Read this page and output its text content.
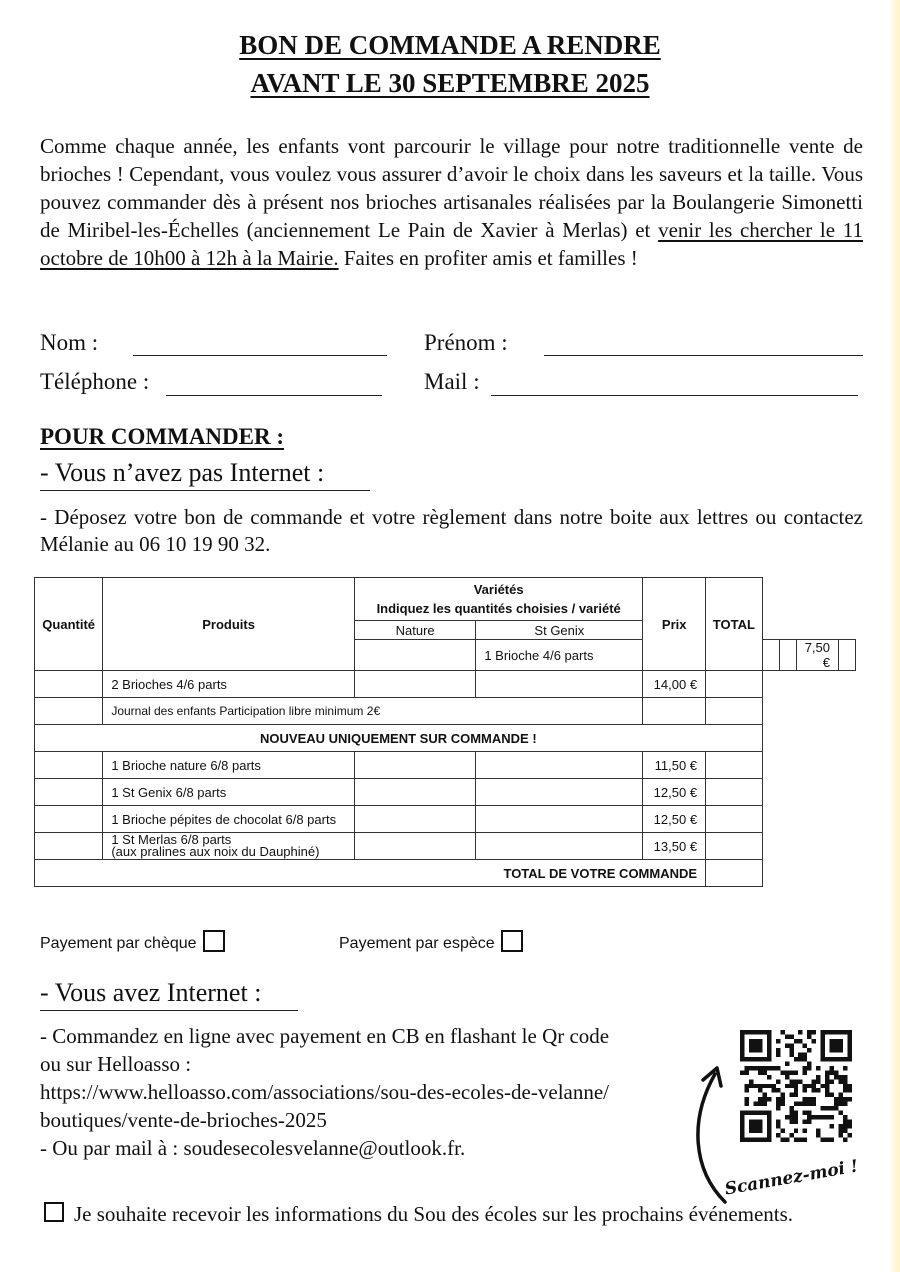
BON DE COMMANDE A RENDRE
AVANT LE 30 SEPTEMBRE 2025
Comme chaque année, les enfants vont parcourir le village pour notre traditionnelle vente de brioches ! Cependant, vous voulez vous assurer d’avoir le choix dans les saveurs et la taille. Vous pouvez commander dès à présent nos brioches artisanales réalisées par la Boulangerie Simonetti de Miribel-les-Échelles (anciennement Le Pain de Xavier à Merlas) et venir les chercher le 11 octobre de 10h00 à 12h à la Mairie. Faites en profiter amis et familles !
Nom :	Prénom :
Téléphone :	Mail :
POUR COMMANDER :
- Vous n’avez pas Internet :
- Déposez votre bon de commande et votre règlement dans notre boite aux lettres ou contactez Mélanie au 06 10 19 90 32.
Quantité	Produits	Variétés
Indiquez les quantités choisies / variété		Prix	TOTAL				
		Nature	St Genix						
			1 Brioche 4/6 parts					7,50 €	
	2 Brioches 4/6 parts			14,00 €					
	Journal des enfants Participation libre minimum 2€								
NOUVEAU UNIQUEMENT SUR COMMANDE !									
	1 Brioche nature 6/8 parts			11,50 €					
	1 St Genix 6/8 parts			12,50 €					
	1 Brioche pépites de chocolat 6/8 parts			12,50 €					

	1 St Merlas 6/8 parts
(aux pralines aux noix du Dauphiné)			13,50 €					
TOTAL DE VOTRE COMMANDE									
Payement par chèque	Payement par espèce
- Vous avez Internet :
- Commandez en ligne avec payement en CB en flashant le Qr code
ou sur Helloasso :
https://www.helloasso.com/associations/sou-des-ecoles-de-velanne/
boutiques/vente-de-brioches-2025
- Ou par mail à : soudesecolesvelanne@outlook.fr.
Scannez-moi !
Je souhaite recevoir les informations du Sou des écoles sur les prochains événements.
